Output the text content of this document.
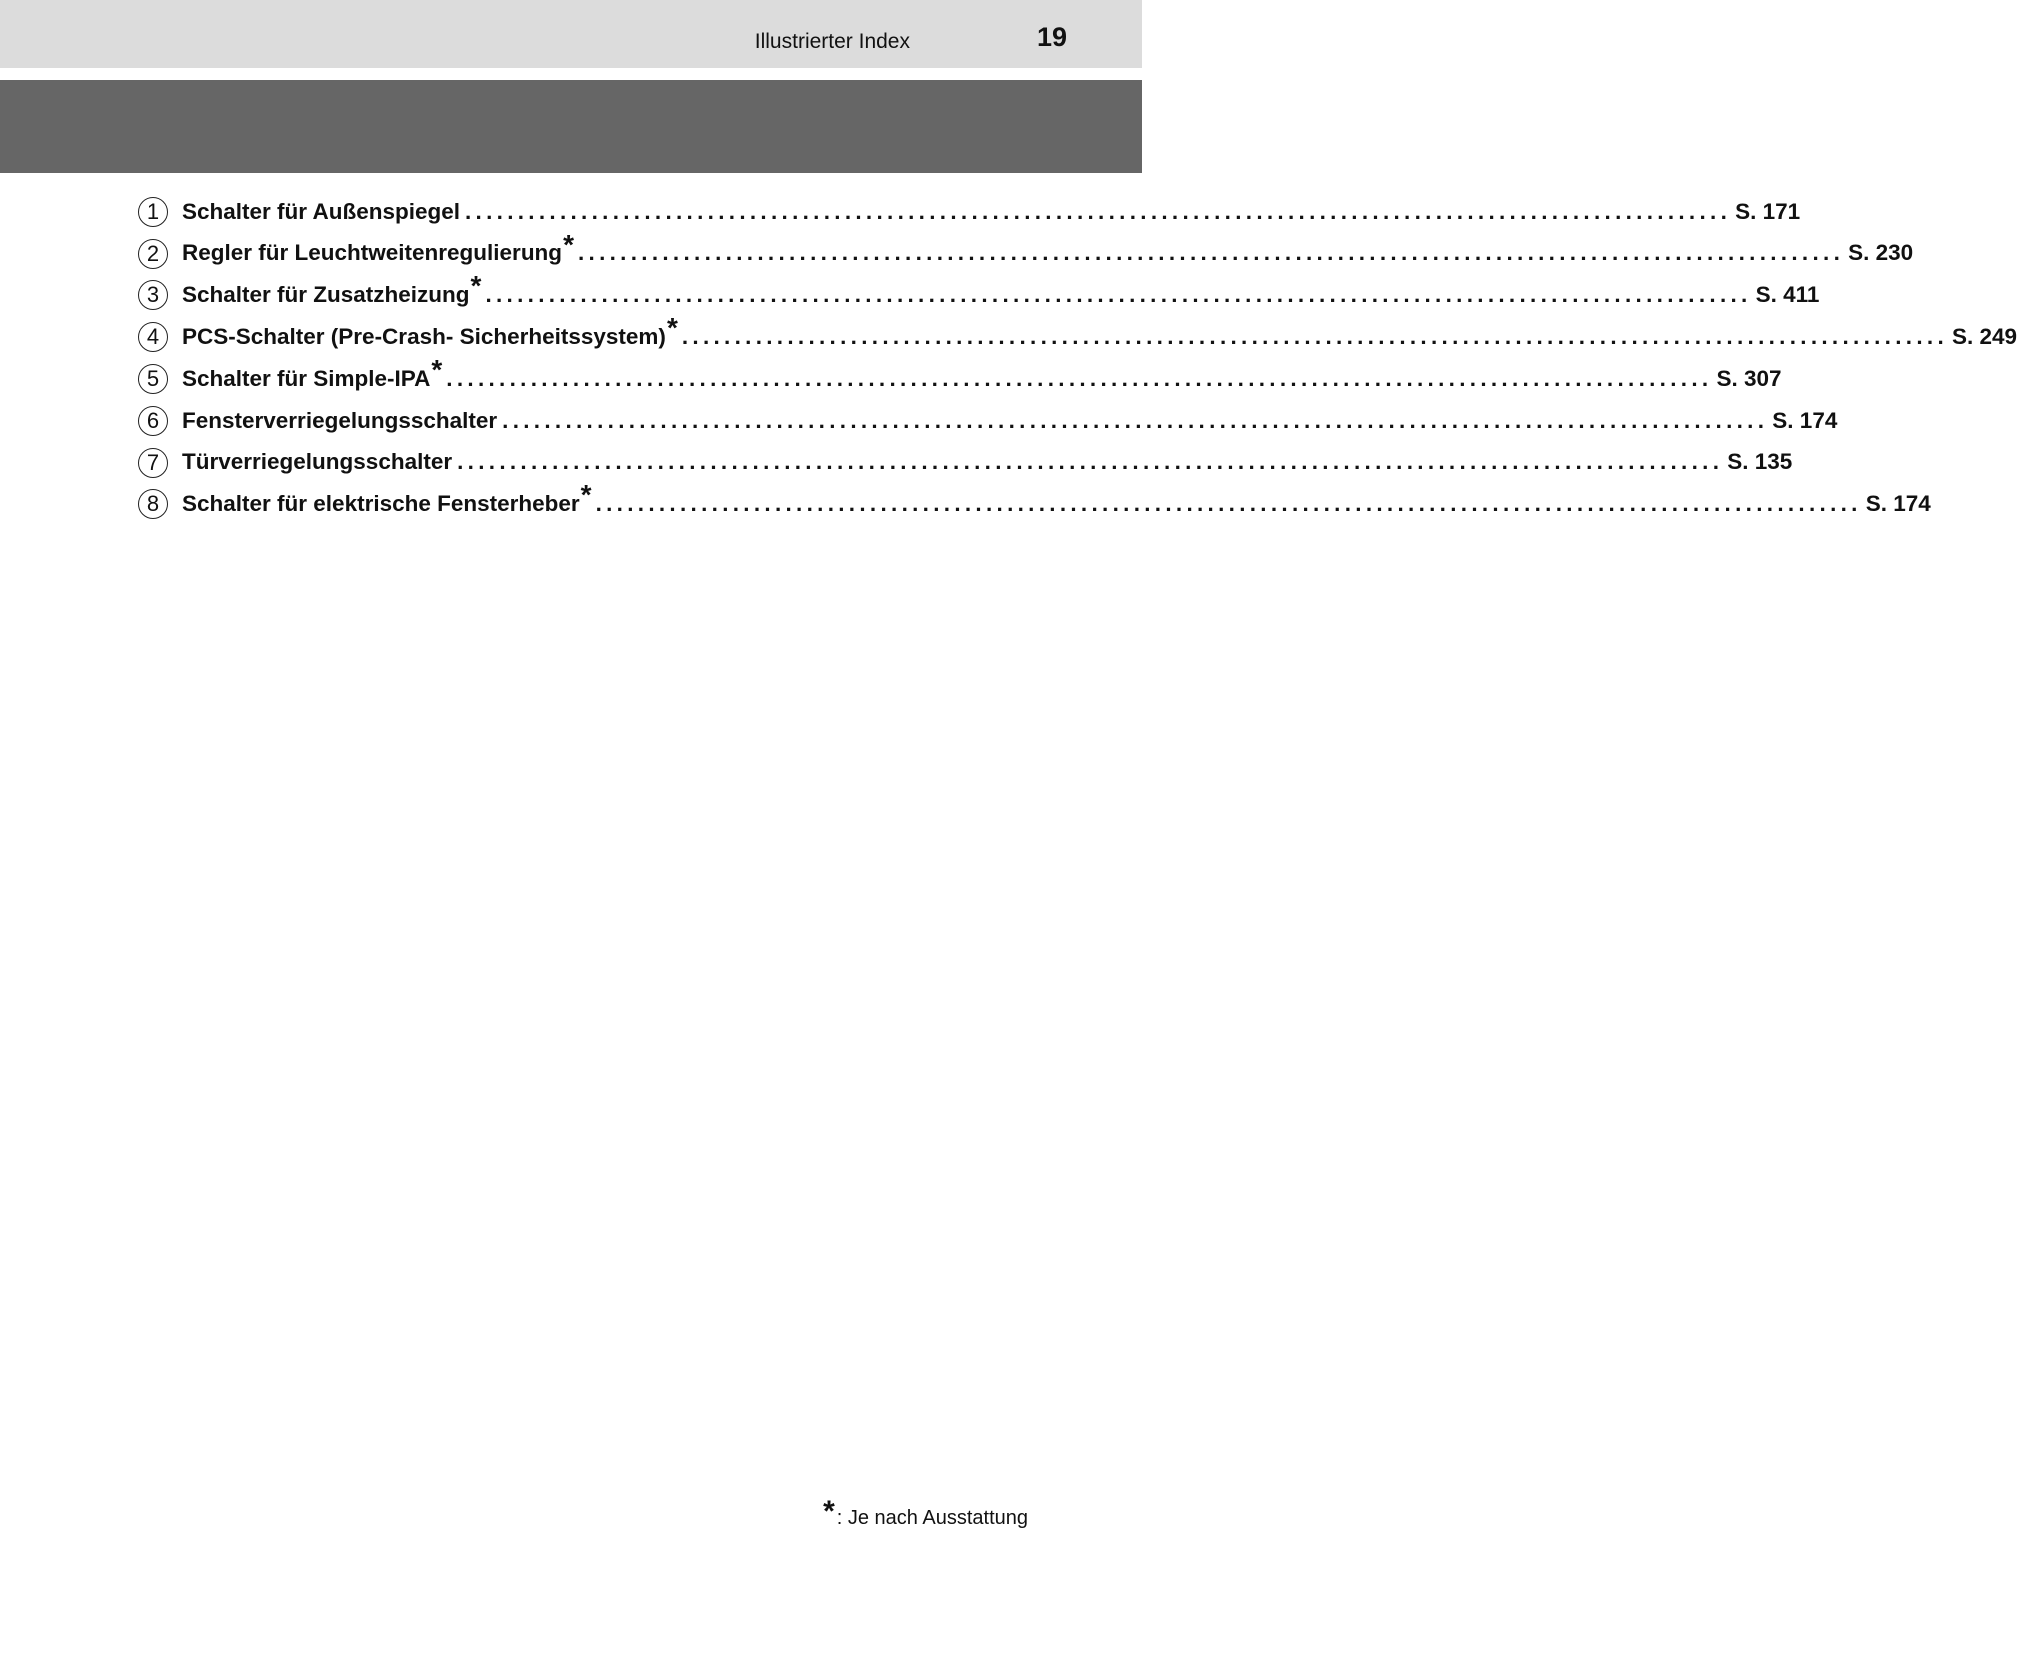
Illustrierter Index	19
1	Schalter für Außenspiegel ........................................................................................................................ S. 171
2	Regler für Leuchtweitenregulierung * ........................................................................................................................ S. 230
3	Schalter für Zusatzheizung * ........................................................................................................................ S. 411
4	PCS-Schalter (Pre-Crash- Sicherheitssystem) * ........................................................................................................................ S. 249
5	Schalter für Simple-IPA * ........................................................................................................................ S. 307
6	Fensterverriegelungsschalter ........................................................................................................................ S. 174
7	Türverriegelungsschalter ........................................................................................................................ S. 135
8	Schalter für elektrische Fensterheber * ........................................................................................................................ S. 174
* : Je nach Ausstattung
